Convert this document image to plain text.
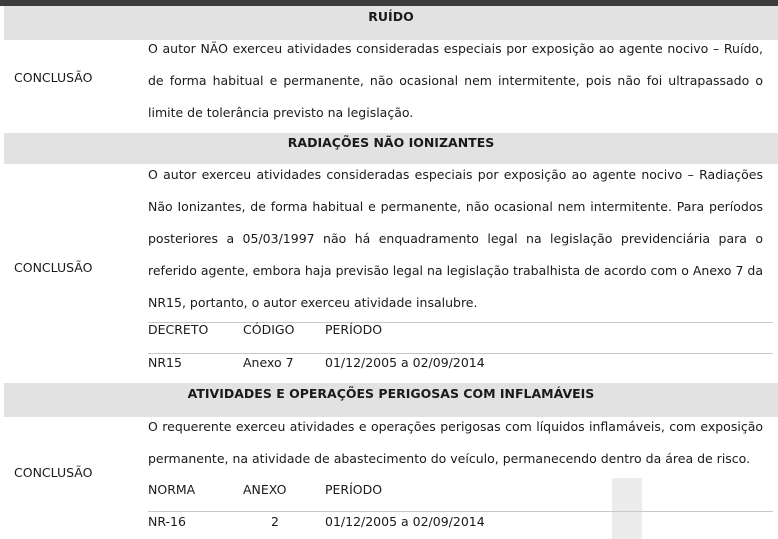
RUÍDO
CONCLUSÃO
O autor NÃO exerceu atividades consideradas especiais por exposição ao agente nocivo – Ruído, de forma habitual e permanente, não ocasional nem intermitente, pois não foi ultrapassado o limite de tolerância previsto na legislação.
RADIAÇÕES NÃO IONIZANTES
CONCLUSÃO
O autor exerceu atividades consideradas especiais por exposição ao agente nocivo – Radiações Não Ionizantes, de forma habitual e permanente, não ocasional nem intermitente. Para períodos posteriores a 05/03/1997 não há enquadramento legal na legislação previdenciária para o referido agente, embora haja previsão legal na legislação trabalhista de acordo com o Anexo 7 da NR15, portanto, o autor exerceu atividade insalubre.
DECRETO	CÓDIGO PERÍODO
NR15	Anexo 7	01/12/2005 a 02/09/2014
ATIVIDADES E OPERAÇÕES PERIGOSAS COM INFLAMÁVEIS
CONCLUSÃO
O requerente exerceu atividades e operações perigosas com líquidos inflamáveis, com exposição permanente, na atividade de abastecimento do veículo, permanecendo dentro da área de risco.
NORMA	ANEXO	PERÍODO
NR-16	2	01/12/2005 a 02/09/2014
